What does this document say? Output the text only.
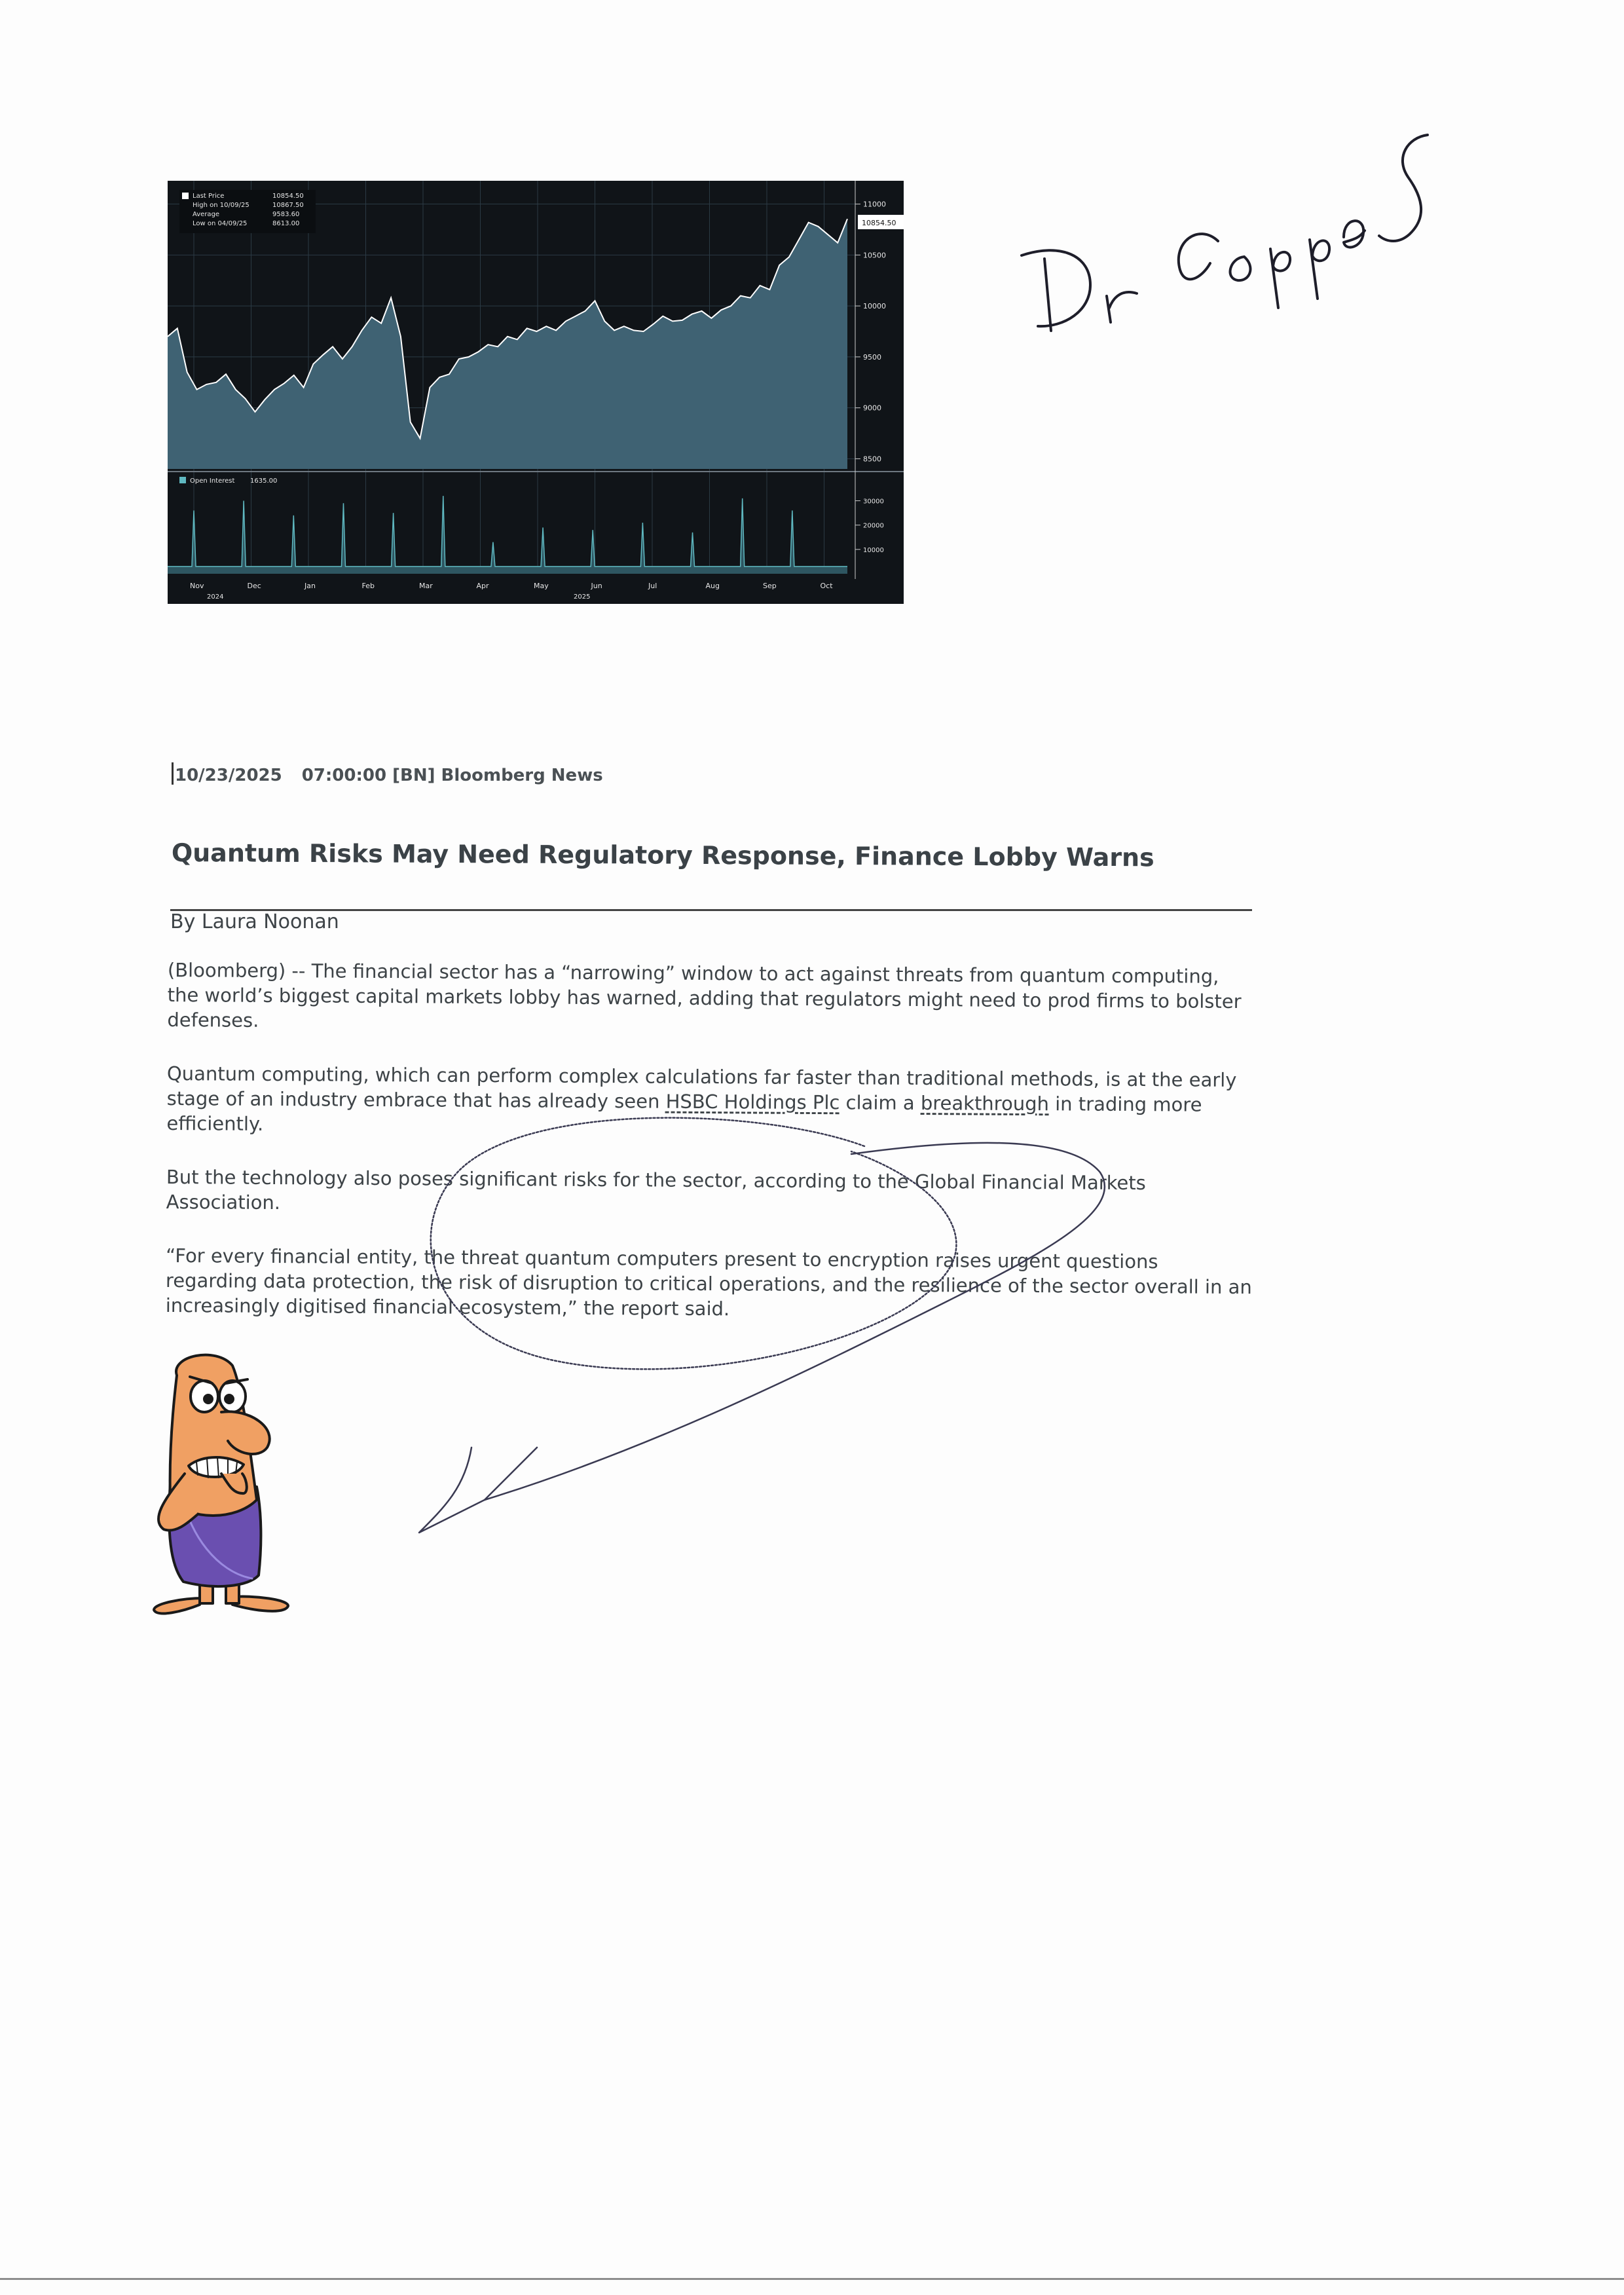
30000
20000
10000
Nov	Dec	Jan	Feb	Mar	Apr	May	Jun	Jul	Aug	Sep	Oct
11000
10500
10000
9500
9000
8500
2024	2025
Last Price	10854.50
High on 10/09/25	10867.50
Average	9583.60
Low on 04/09/25	8613.00
Open Interest 1635.00
10854.50
10/23/2025 07:00:00 [BN] Bloomberg News
Quantum Risks May Need Regulatory Response, Finance Lobby Warns
By Laura Noonan

(Bloomberg) -- The financial sector has a “narrowing” window to act against threats from quantum computing, the world’s biggest capital markets lobby has warned, adding that regulators might need to prod firms to bolster defenses.

Quantum computing, which can perform complex calculations far faster than traditional methods, is at the early stage of an industry embrace that has already seen HSBC Holdings Plc claim a breakthrough in trading more efficiently.

But the technology also poses significant risks for the sector, according to the Global Financial Markets Association.

“For every financial entity, the threat quantum computers present to encryption raises urgent questions regarding data protection, the risk of disruption to critical operations, and the resilience of the sector overall in an increasingly digitised financial ecosystem,” the report said.
